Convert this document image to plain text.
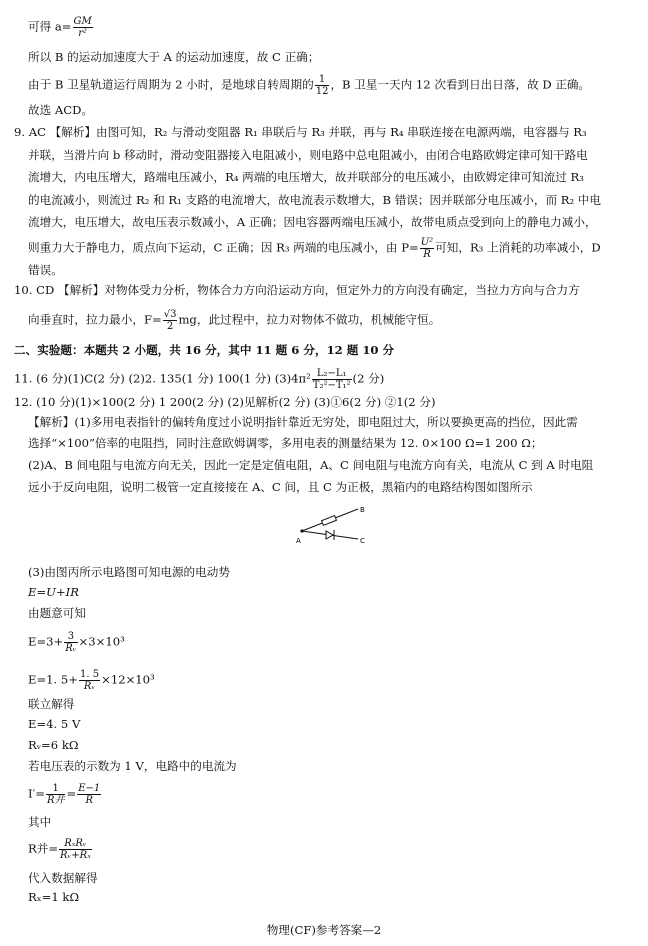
可得 $a= \frac{GM}{\text{r²}}$
所以 B 的运动加速度大于 A 的运动加速度，故 C 正确；
由于 B 卫星轨道运行周期为 2 小时，是地球自转周期的 $\frac{1}{12}$ ，B 卫星一天内 12 次看到日出日落，故 D 正确。
故选 ACD。
9. AC 【解析】由图可知，R₂ 与滑动变阻器 R₁ 串联后与 R₃ 并联，再与 R₄ 串联连接在电源两端，电容器与 R₃
并联，当滑片向 b 移动时，滑动变阻器接入电阻减小，则电路中总电阻减小，由闭合电路欧姆定律可知干路电
流增大，内电压增大，路端电压减小，R₄ 两端的电压增大，故并联部分的电压减小，由欧姆定律可知流过 R₃
的电流减小，则流过 R₂ 和 R₁ 支路的电流增大，故电流表示数增大，B 错误；因并联部分电压减小，而 R₂ 中电
流增大，电压增大，故电压表示数减小，A 正确；因电容器两端电压减小，故带电质点受到向上的静电力减小，
则重力大于静电力，质点向下运动，C 正确；因 R₃ 两端的电压减小，由 $P= \frac{\text{U²}}{R}$ 可知，R₃ 上消耗的功率减小，D
错误。
10. CD 【解析】对物体受力分析，物体合力方向沿运动方向，恒定外力的方向没有确定，当拉力方向与合力方
向垂直时，拉力最小，$F= \frac{√3}{2}$ mg，此过程中，拉力对物体不做功，机械能守恒。
二、实验题：本题共 2 小题，共 16 分，其中 11 题 6 分，12 题 10 分
11. (6 分)(1)C(2 分) (2)2. 135(1 分) 100(1 分) $(3)4\pi^2 \frac{\text{L₂−L₁}}{\text{T₂²−T₁²}} (2$ 分)
12. (10 分)(1)×100(2 分) 1 200(2 分) (2)见解析(2 分) (3)①6(2 分) ②1(2 分)
【解析】(1)多用电表指针的偏转角度过小说明指针靠近无穷处，即电阻过大，所以要换更高的挡位，因此需
选择“×100”倍率的电阻挡，同时注意欧姆调零，多用电表的测量结果为 12. 0×100 Ω=1 200 Ω；
(2)A、B 间电阻与电流方向无关，因此一定是定值电阻，A、C 间电阻与电流方向有关，电流从 C 到 A 时电阻
远小于反向电阻，说明二极管一定直接接在 A、C 间，且 C 为正极，黑箱内的电路结构图如图所示
A
B
C
(3)由图丙所示电路图可知电源的电动势
E=U+IR
由题意可知
$E=3+ \frac{3}{\text{Rᵥ}} \times 3\times 10^3$
E=1. $5+ \frac{1. 5}{\text{Rᵥ}} \times 12\times 10^3$
联立解得
E=4. 5 V
Rᵥ=6 kΩ
若电压表的示数为 1 V，电路中的电流为
$I'= \frac{1}{\text{R并}} = \frac{E-1}{R}$
其中
R并= $\frac{\text{RₓRᵥ}}{\text{Rᵥ+Rₓ}}$
代入数据解得
Rₓ=1 kΩ
物理(CF)参考答案—2
